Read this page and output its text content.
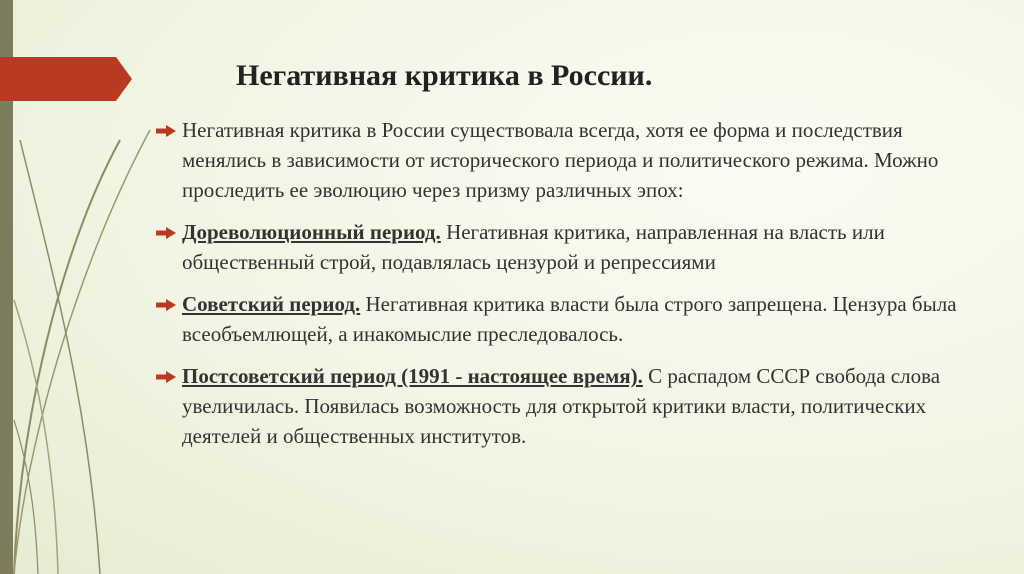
Негативная критика в России.
Негативная критика в России существовала всегда, хотя ее форма и последствия менялись в зависимости от исторического периода и политического режима. Можно проследить ее эволюцию через призму различных эпох:
Дореволюционный период. Негативная критика, направленная на власть или общественный строй, подавлялась цензурой и репрессиями
Советский период. Негативная критика власти была строго запрещена. Цензура была всеобъемлющей, а инакомыслие преследовалось.
Постсоветский период (1991 - настоящее время). С распадом СССР свобода слова увеличилась. Появилась возможность для открытой критики власти, политических деятелей и общественных институтов.
